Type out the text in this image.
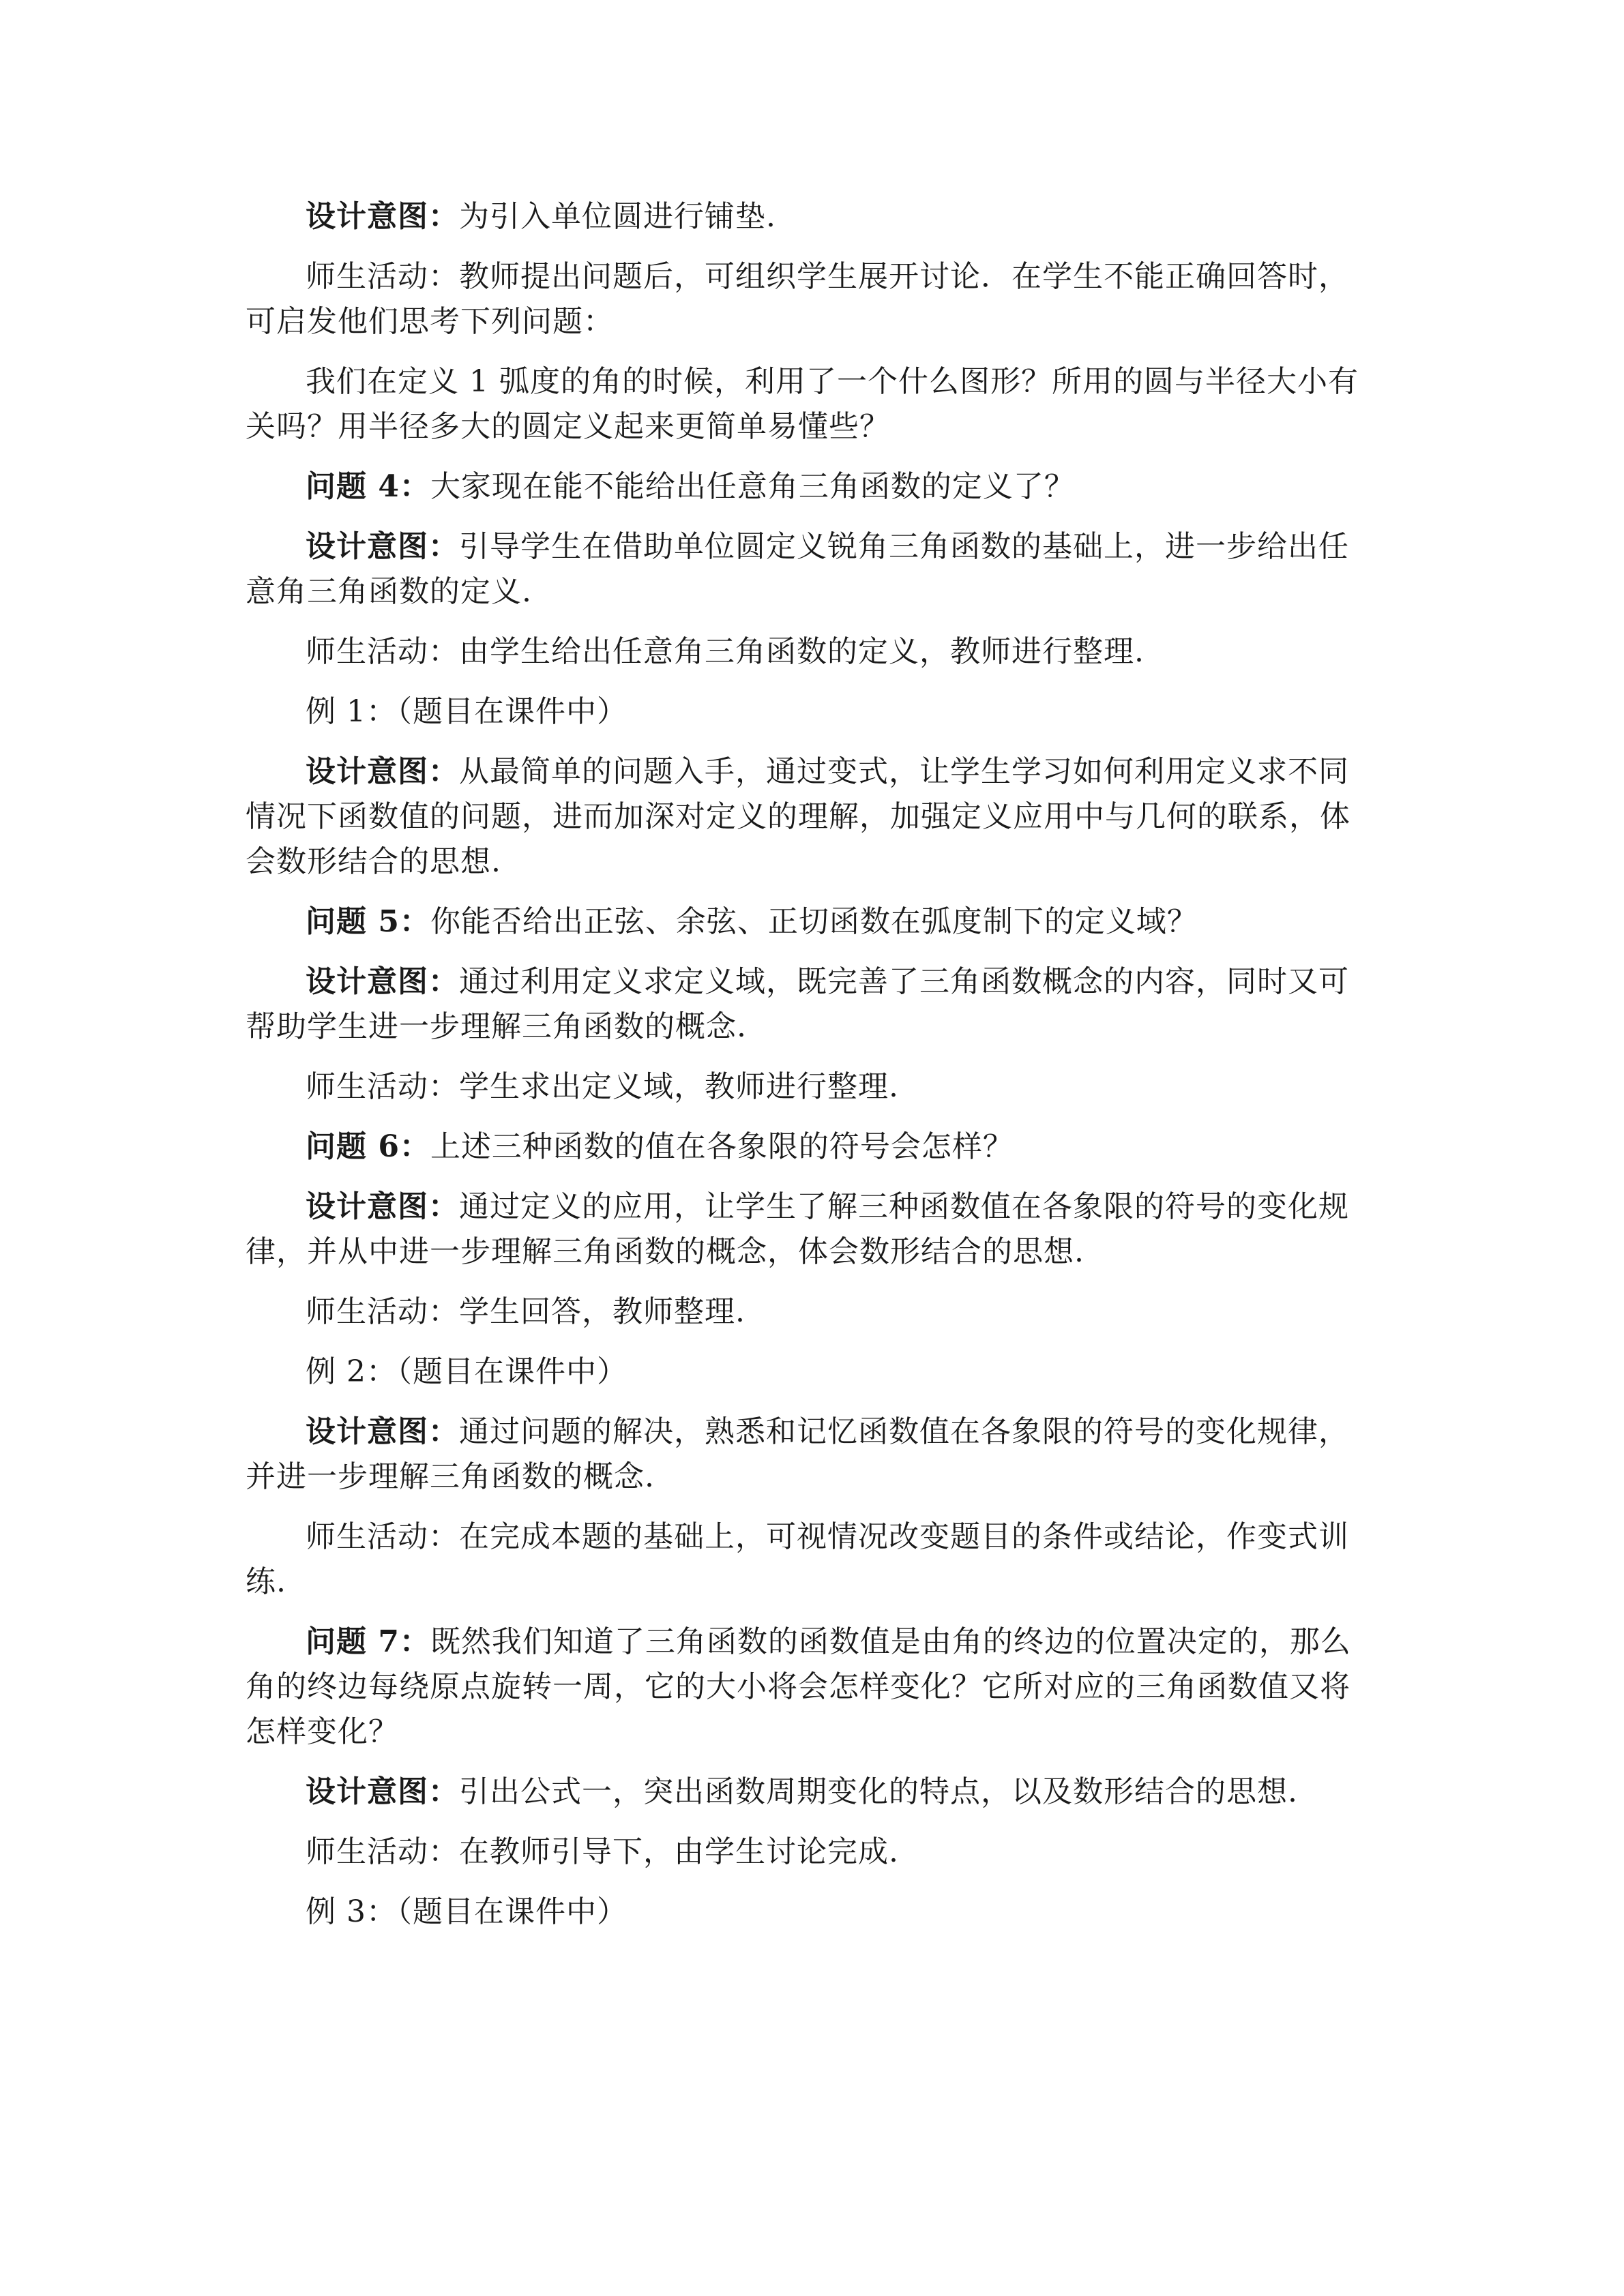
设计意图：为引入单位圆进行铺垫.

师生活动：教师提出问题后，可组织学生展开讨论．在学生不能正确回答时，可启发他们思考下列问题：

我们在定义 1 弧度的角的时候，利用了一个什么图形？所用的圆与半径大小有关吗？用半径多大的圆定义起来更简单易懂些？

问题 4：大家现在能不能给出任意角三角函数的定义了？

设计意图：引导学生在借助单位圆定义锐角三角函数的基础上，进一步给出任意角三角函数的定义.

师生活动：由学生给出任意角三角函数的定义，教师进行整理.

例 1：（题目在课件中）

设计意图：从最简单的问题入手，通过变式，让学生学习如何利用定义求不同情况下函数值的问题，进而加深对定义的理解，加强定义应用中与几何的联系，体会数形结合的思想.

问题 5：你能否给出正弦、余弦、正切函数在弧度制下的定义域？

设计意图：通过利用定义求定义域，既完善了三角函数概念的内容，同时又可帮助学生进一步理解三角函数的概念.

师生活动：学生求出定义域，教师进行整理.

问题 6：上述三种函数的值在各象限的符号会怎样？

设计意图：通过定义的应用，让学生了解三种函数值在各象限的符号的变化规律，并从中进一步理解三角函数的概念，体会数形结合的思想.

师生活动：学生回答，教师整理.

例 2：（题目在课件中）

设计意图：通过问题的解决，熟悉和记忆函数值在各象限的符号的变化规律，并进一步理解三角函数的概念.

师生活动：在完成本题的基础上，可视情况改变题目的条件或结论，作变式训练.

问题 7：既然我们知道了三角函数的函数值是由角的终边的位置决定的，那么角的终边每绕原点旋转一周，它的大小将会怎样变化？它所对应的三角函数值又将怎样变化？

设计意图：引出公式一，突出函数周期变化的特点，以及数形结合的思想.

师生活动：在教师引导下，由学生讨论完成.

例 3：（题目在课件中）
